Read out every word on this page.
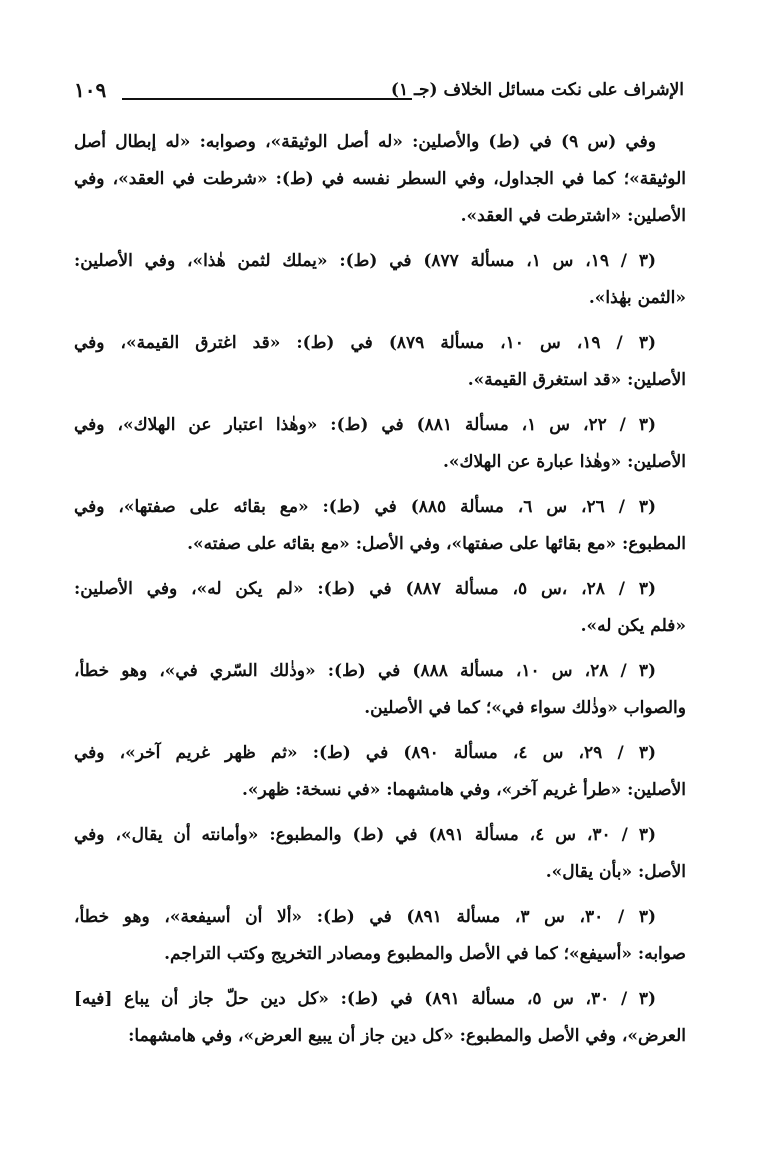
الإشراف على نكت مسائل الخلاف (جـ ١)
١٠٩
وفي (س ٩) في (ط) والأصلين: «له أصل الوثيقة»، وصوابه: «له إبطال أصل
الوثيقة»؛ كما في الجداول، وفي السطر نفسه في (ط): «شرطت في العقد»، وفي
الأصلين: «اشترطت في العقد».
(٣ / ١٩، س ١، مسألة ٨٧٧) في (ط): «يملك لثمن هٰذا»، وفي الأصلين:
«الثمن بهٰذا».
(٣ / ١٩، س ١٠، مسألة ٨٧٩) في (ط): «قد اغترق القيمة»، وفي
الأصلين: «قد استغرق القيمة».
(٣ / ٢٢، س ١، مسألة ٨٨١) في (ط): «وهٰذا اعتبار عن الهلاك»، وفي
الأصلين: «وهٰذا عبارة عن الهلاك».
(٣ / ٢٦، س ٦، مسألة ٨٨٥) في (ط): «مع بقائه على صفتها»، وفي
المطبوع: «مع بقائها على صفتها»، وفي الأصل: «مع بقائه على صفته».
(٣ / ٢٨، ،س ٥، مسألة ٨٨٧) في (ط): «لم يكن له»، وفي الأصلين:
«فلم يكن له».
(٣ / ٢٨، س ١٠، مسألة ٨٨٨) في (ط): «وذٰلك السّري في»، وهو خطأ،
والصواب «وذٰلك سواء في»؛ كما في الأصلين.
(٣ / ٢٩، س ٤، مسألة ٨٩٠) في (ط): «ثم ظهر غريم آخر»، وفي
الأصلين: «طرأ غريم آخر»، وفي هامشهما: «في نسخة: ظهر».
(٣ / ٣٠، س ٤، مسألة ٨٩١) في (ط) والمطبوع: «وأمانته أن يقال»، وفي
الأصل: «بأن يقال».
(٣ / ٣٠، س ٣، مسألة ٨٩١) في (ط): «ألا أن أسيفعة»، وهو خطأ،
صوابه: «أسيفع»؛ كما في الأصل والمطبوع ومصادر التخريج وكتب التراجم.
(٣ / ٣٠، س ٥، مسألة ٨٩١) في (ط): «كل دين حلّ جاز أن يباع [فيه]
العرض»، وفي الأصل والمطبوع: «كل دين جاز أن يبيع العرض»، وفي هامشهما:
